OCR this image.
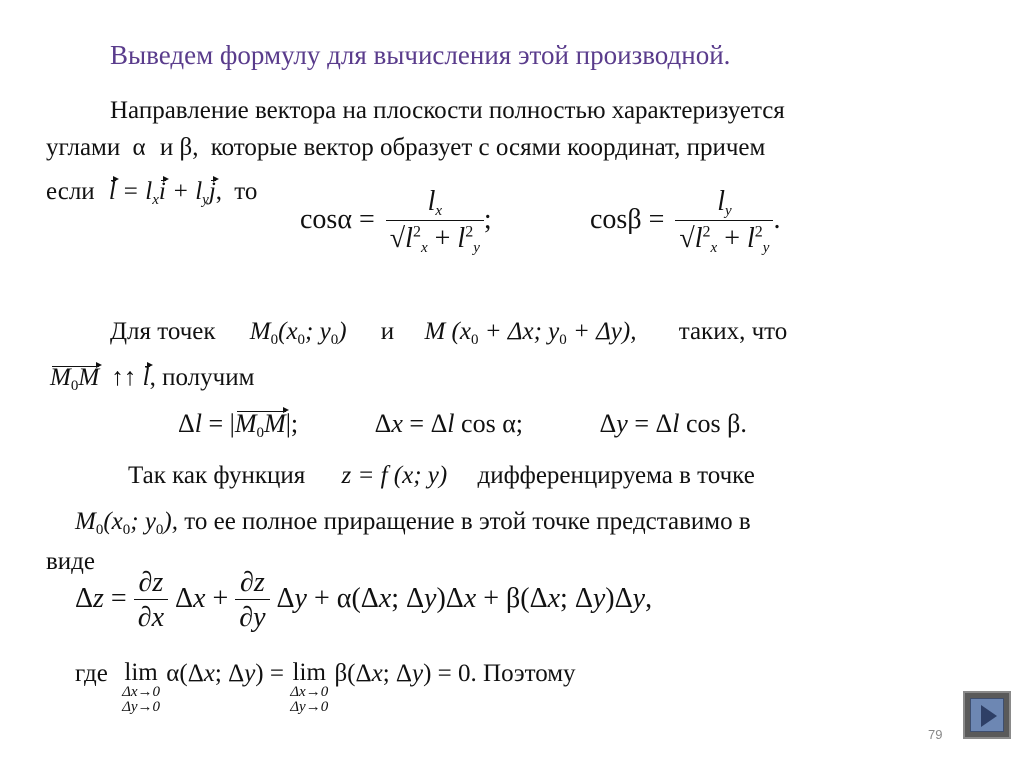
Выведем формулу для вычисления этой производной.
Направление вектора на плоскости полностью характеризуется
углами α и β, которые вектор образует с осями координат, причем
если $l = l_xi + l_yj$, то
$\cos\alpha = \frac{l_x}{√l^2_x + l^2_y}$ ;	$\cos\beta = \frac{l_y}{√l^2_x + l^2_y}$ .
Для точек $M_0(x_0$; $y_0$) и M ($x_0 + \Delta x$; $y_0 + \Delta y$), таких, что
$M_0M$ ↑↑ l, получим
Δl = |M0M|;	Δx = Δl cos α;	Δy = Δl cos β.
Так как функция z = f (x; y) дифференцируема в точке
$M_0(x_0$; $y_0$), то ее полное приращение в этой точке представимо в
виде
$\Delta z = \frac{\partial z}{\partial x}$ $\Delta x + \frac{\partial z}{\partial y}$ Δy + α(Δx; Δy)Δx + β(Δx; Δy)Δy,
где lim
Δx→0
Δy→0
α(Δx; Δy) = lim
Δx→0
Δy→0
β(Δx; Δy) = 0. Поэтому
79
